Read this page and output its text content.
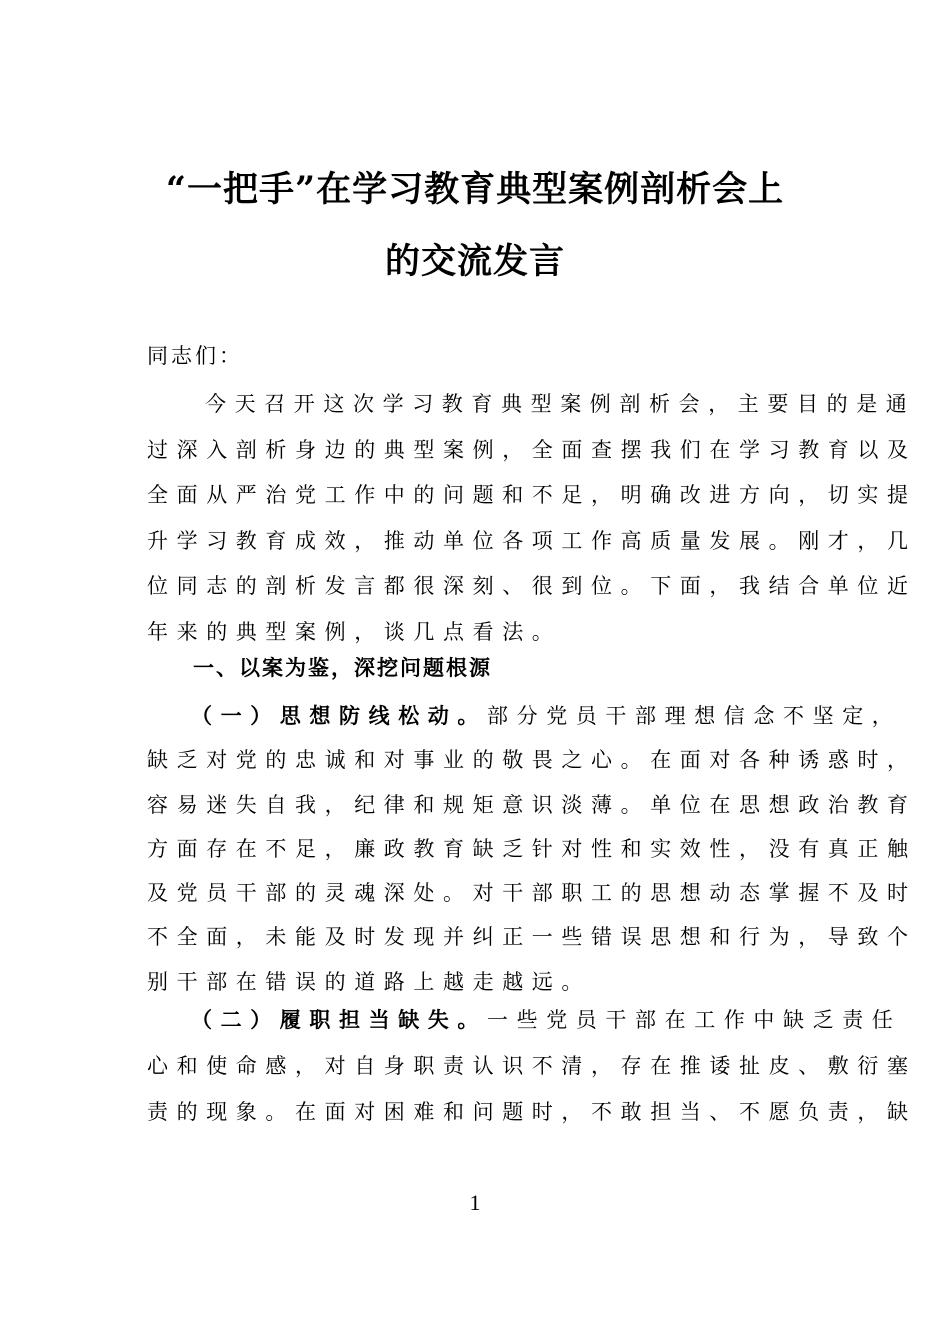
“一把手”在学习教育典型案例剖析会上
的交流发言
同志们：
今天召开这次学习教育典型案例剖析会，主要目的是通
过深入剖析身边的典型案例，全面查摆我们在学习教育以及
全面从严治党工作中的问题和不足，明确改进方向，切实提
升学习教育成效，推动单位各项工作高质量发展。刚才，几
位同志的剖析发言都很深刻、很到位。下面，我结合单位近
年来的典型案例，谈几点看法。
一、以案为鉴，深挖问题根源
（一）思想防线松动。部分党员干部理想信念不坚定，
缺乏对党的忠诚和对事业的敬畏之心。在面对各种诱惑时，
容易迷失自我，纪律和规矩意识淡薄。单位在思想政治教育
方面存在不足，廉政教育缺乏针对性和实效性，没有真正触
及党员干部的灵魂深处。对干部职工的思想动态掌握不及时
不全面，未能及时发现并纠正一些错误思想和行为，导致个
别干部在错误的道路上越走越远。
（二）履职担当缺失。一些党员干部在工作中缺乏责任
心和使命感，对自身职责认识不清，存在推诿扯皮、敷衍塞
责的现象。在面对困难和问题时，不敢担当、不愿负责，缺
1
